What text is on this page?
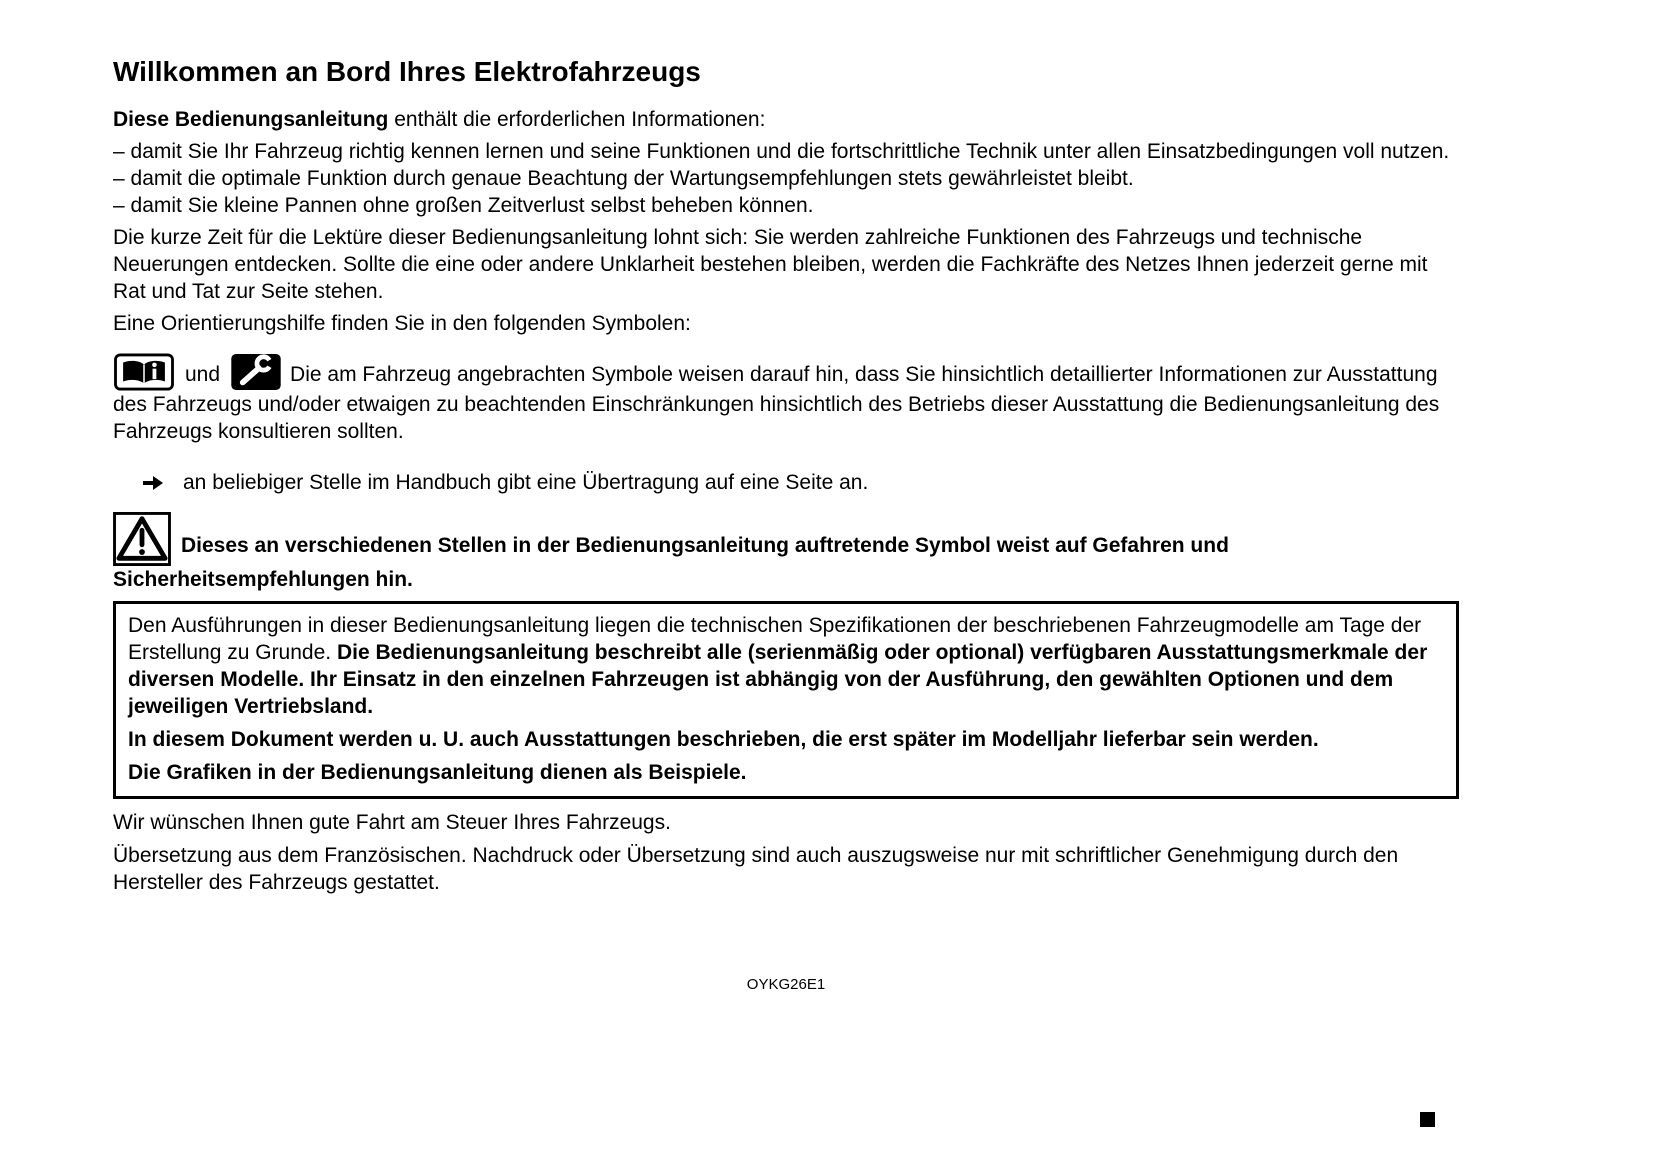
Willkommen an Bord Ihres Elektrofahrzeugs

Diese Bedienungsanleitung enthält die erforderlichen Informationen:

– damit Sie Ihr Fahrzeug richtig kennen lernen und seine Funktionen und die fortschrittliche Technik unter allen Einsatzbedingungen voll nutzen.

– damit die optimale Funktion durch genaue Beachtung der Wartungsempfehlungen stets gewährleistet bleibt.

– damit Sie kleine Pannen ohne großen Zeitverlust selbst beheben können.

Die kurze Zeit für die Lektüre dieser Bedienungsanleitung lohnt sich: Sie werden zahlreiche Funktionen des Fahrzeugs und technische Neuerungen entdecken. Sollte die eine oder andere Unklarheit bestehen bleiben, werden die Fachkräfte des Netzes Ihnen jederzeit gerne mit Rat und Tat zur Seite stehen.

Eine Orientierungshilfe finden Sie in den folgenden Symbolen:

und	Die am Fahrzeug angebrachten Symbole weisen darauf hin, dass Sie hinsichtlich detaillierter Informationen zur Ausstattung des Fahrzeugs und/oder etwaigen zu beachtenden Einschränkungen hinsichtlich des Betriebs dieser Ausstattung die Bedienungsanleitung des Fahrzeugs konsultieren sollten.

an beliebiger Stelle im Handbuch gibt eine Übertragung auf eine Seite an.

Dieses an verschiedenen Stellen in der Bedienungsanleitung auftretende Symbol weist auf Gefahren und Sicherheitsempfehlungen hin.

Den Ausführungen in dieser Bedienungsanleitung liegen die technischen Spezifikationen der beschriebenen Fahrzeugmodelle am Tage der Erstellung zu Grunde. Die Bedienungsanleitung beschreibt alle (serienmäßig oder optional) verfügbaren Ausstattungsmerkmale der diversen Modelle. Ihr Einsatz in den einzelnen Fahrzeugen ist abhängig von der Ausführung, den gewählten Optionen und dem jeweiligen Vertriebsland.

In diesem Dokument werden u. U. auch Ausstattungen beschrieben, die erst später im Modelljahr lieferbar sein werden.

Die Grafiken in der Bedienungsanleitung dienen als Beispiele.

Wir wünschen Ihnen gute Fahrt am Steuer Ihres Fahrzeugs.

Übersetzung aus dem Französischen. Nachdruck oder Übersetzung sind auch auszugsweise nur mit schriftlicher Genehmigung durch den Hersteller des Fahrzeugs gestattet.

OYKG26E1
